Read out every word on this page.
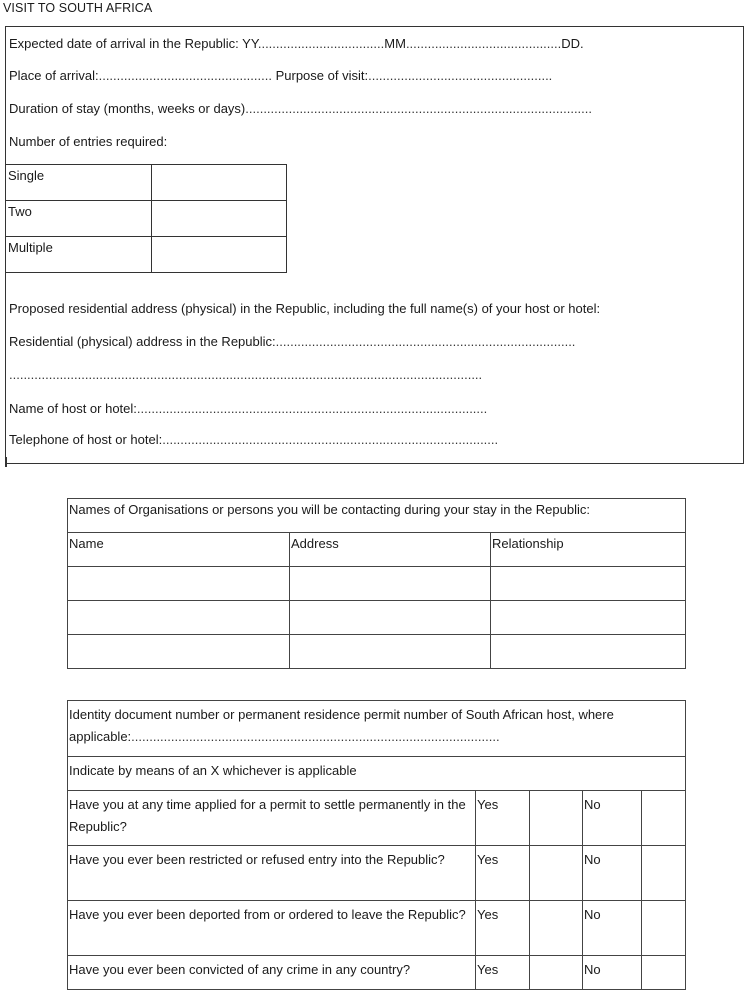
VISIT TO SOUTH AFRICA
Expected date of arrival in the Republic: YY...................................MM...........................................DD.
Place of arrival:................................................ Purpose of visit:...................................................
Duration of stay (months, weeks or days)................................................................................................
Number of entries required:
Single	
Two	
Multiple	
Proposed residential address (physical) in the Republic, including the full name(s) of your host or hotel:
Residential (physical) address in the Republic:...................................................................................
...................................................................................................................................
Name of host or hotel:.................................................................................................
Telephone of host or hotel:.............................................................................................
Names of Organisations or persons you will be contacting during your stay in the Republic:		
Name	Address	Relationship

Identity document number or permanent residence permit number of South African host, where applicable:......................................................................................................				
Indicate by means of an X whichever is applicable				
Have you at any time applied for a permit to settle permanently in the Republic?	Yes		No	
Have you ever been restricted or refused entry into the Republic?	Yes		No	
Have you ever been deported from or ordered to leave the Republic?	Yes		No	
Have you ever been convicted of any crime in any country?	Yes		No	
